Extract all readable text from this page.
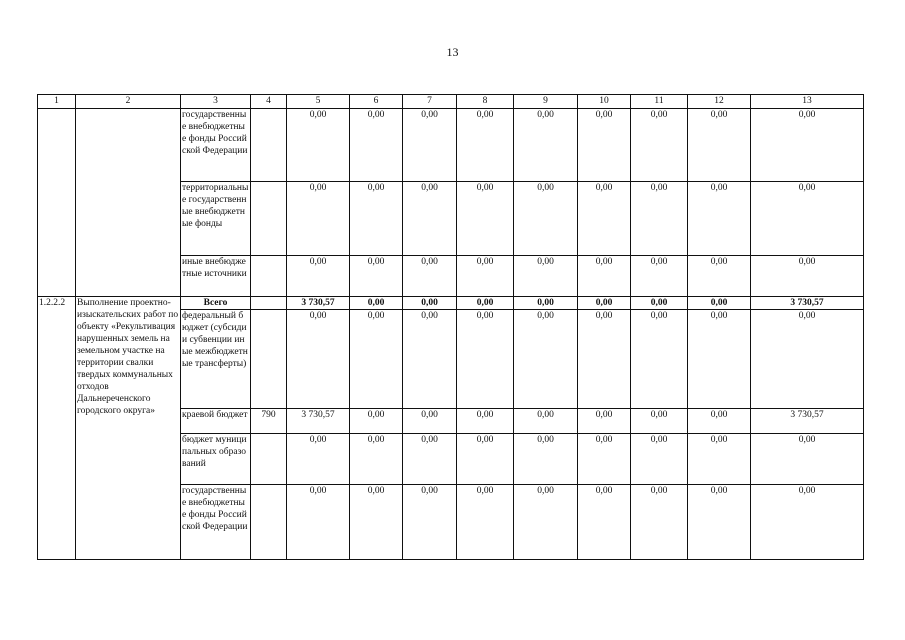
13
1	2	3	4	5	6	7	8	9	10	11	12	13
		государственные внебюджетные фонды Российской Федерации		0,00	0,00	0,00	0,00	0,00	0,00	0,00	0,00	0,00
		территориальные государственные внебюджетные фонды		0,00	0,00	0,00	0,00	0,00	0,00	0,00	0,00	0,00
		иные внебюджетные источники		0,00	0,00	0,00	0,00	0,00	0,00	0,00	0,00	0,00
1.2.2.2	Выполнение проектно-изыскательских работ по объекту «Рекультивация нарушенных земель на земельном участке на территории свалки твердых коммунальных отходов Дальнереченского городского округа»	Всего		3 730,57	0,00	0,00	0,00	0,00	0,00	0,00	0,00	3 730,57
		федеральный бюджет (субсидии субвенции иные межбюджетные трансферты)		0,00	0,00	0,00	0,00	0,00	0,00	0,00	0,00	0,00
		краевой бюджет	790	3 730,57	0,00	0,00	0,00	0,00	0,00	0,00	0,00	3 730,57
		бюджет муниципальных образований		0,00	0,00	0,00	0,00	0,00	0,00	0,00	0,00	0,00
		государственные внебюджетные фонды Российской Федерации		0,00	0,00	0,00	0,00	0,00	0,00	0,00	0,00	0,00
